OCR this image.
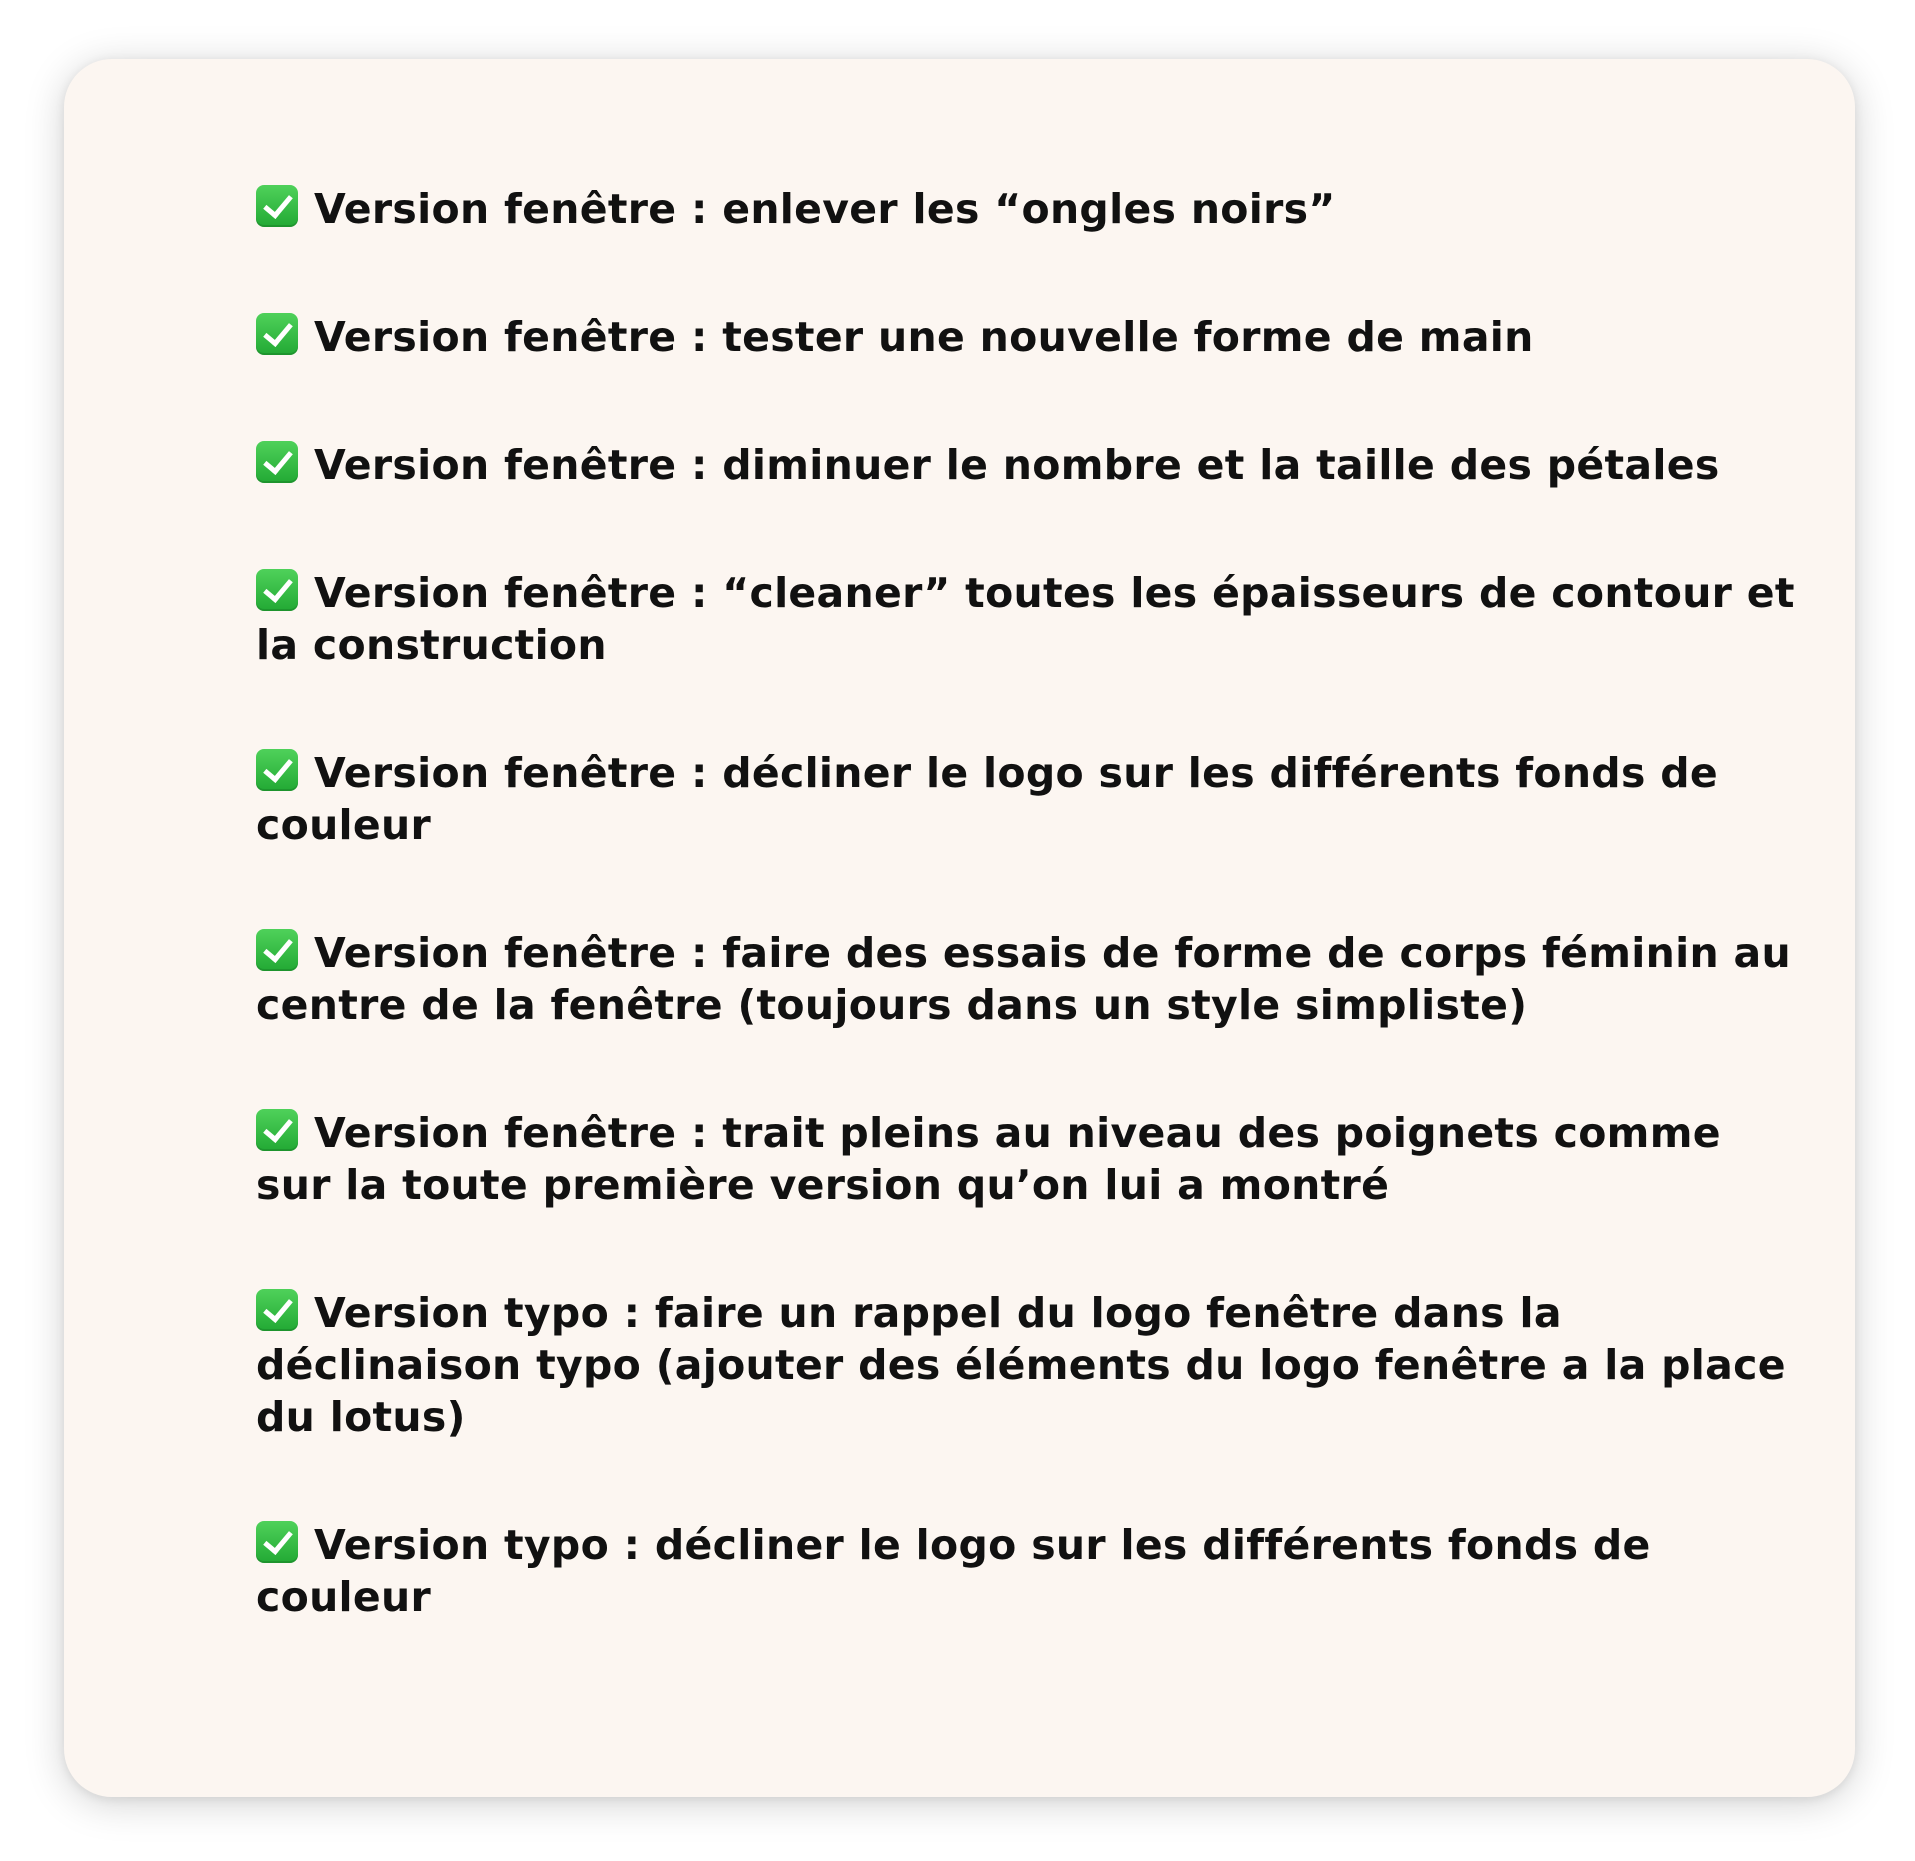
Version fenêtre : enlever les “ongles noirs”
Version fenêtre : tester une nouvelle forme de main
Version fenêtre : diminuer le nombre et la taille des pétales
Version fenêtre : “cleaner” toutes les épaisseurs de contour et la construction
Version fenêtre : décliner le logo sur les différents fonds de couleur
Version fenêtre : faire des essais de forme de corps féminin au centre de la fenêtre (toujours dans un style simpliste)
Version fenêtre : trait pleins au niveau des poignets comme sur la toute première version qu’on lui a montré
Version typo : faire un rappel du logo fenêtre dans la déclinaison typo (ajouter des éléments du logo fenêtre a la place du lotus)
Version typo : décliner le logo sur les différents fonds de couleur
